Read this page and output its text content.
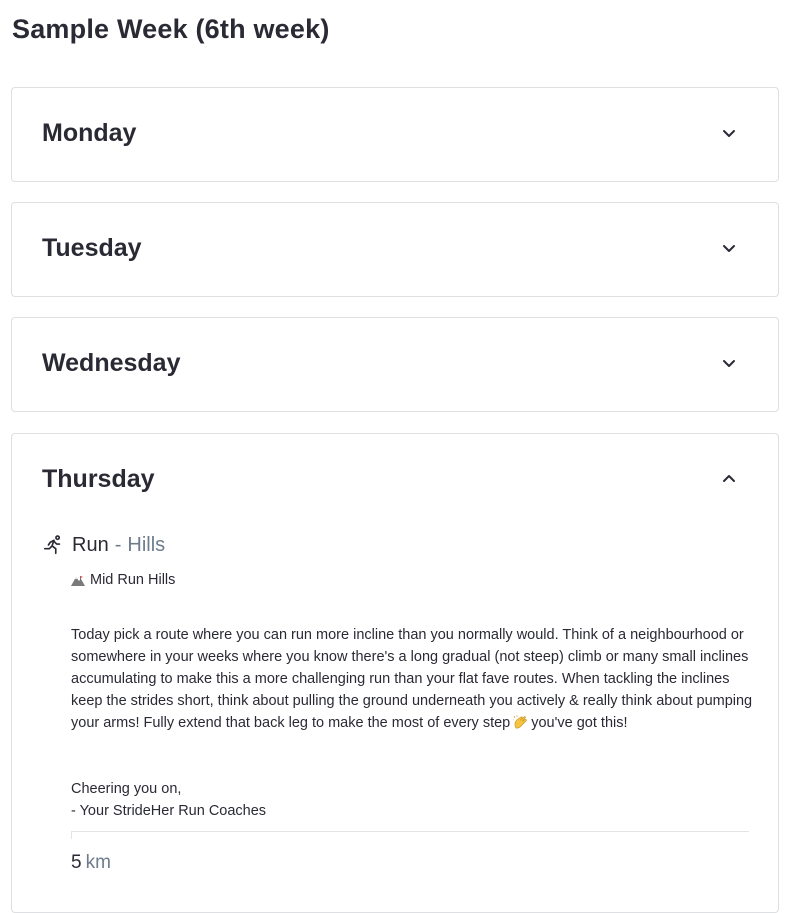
Sample Week (6th week)
Monday
Tuesday
Wednesday
Thursday
Run - Hills
Mid Run Hills

Today pick a route where you can run more incline than you normally would. Think of a neighbourhood or somewhere in your weeks where you know there's a long gradual (not steep) climb or many small inclines accumulating to make this a more challenging run than your flat fave routes. When tackling the inclines keep the strides short, think about pulling the ground underneath you actively & really think about pumping your arms! Fully extend that back leg to make the most of every step you've got this!

Cheering you on,
- Your StrideHer Run Coaches
5 km
